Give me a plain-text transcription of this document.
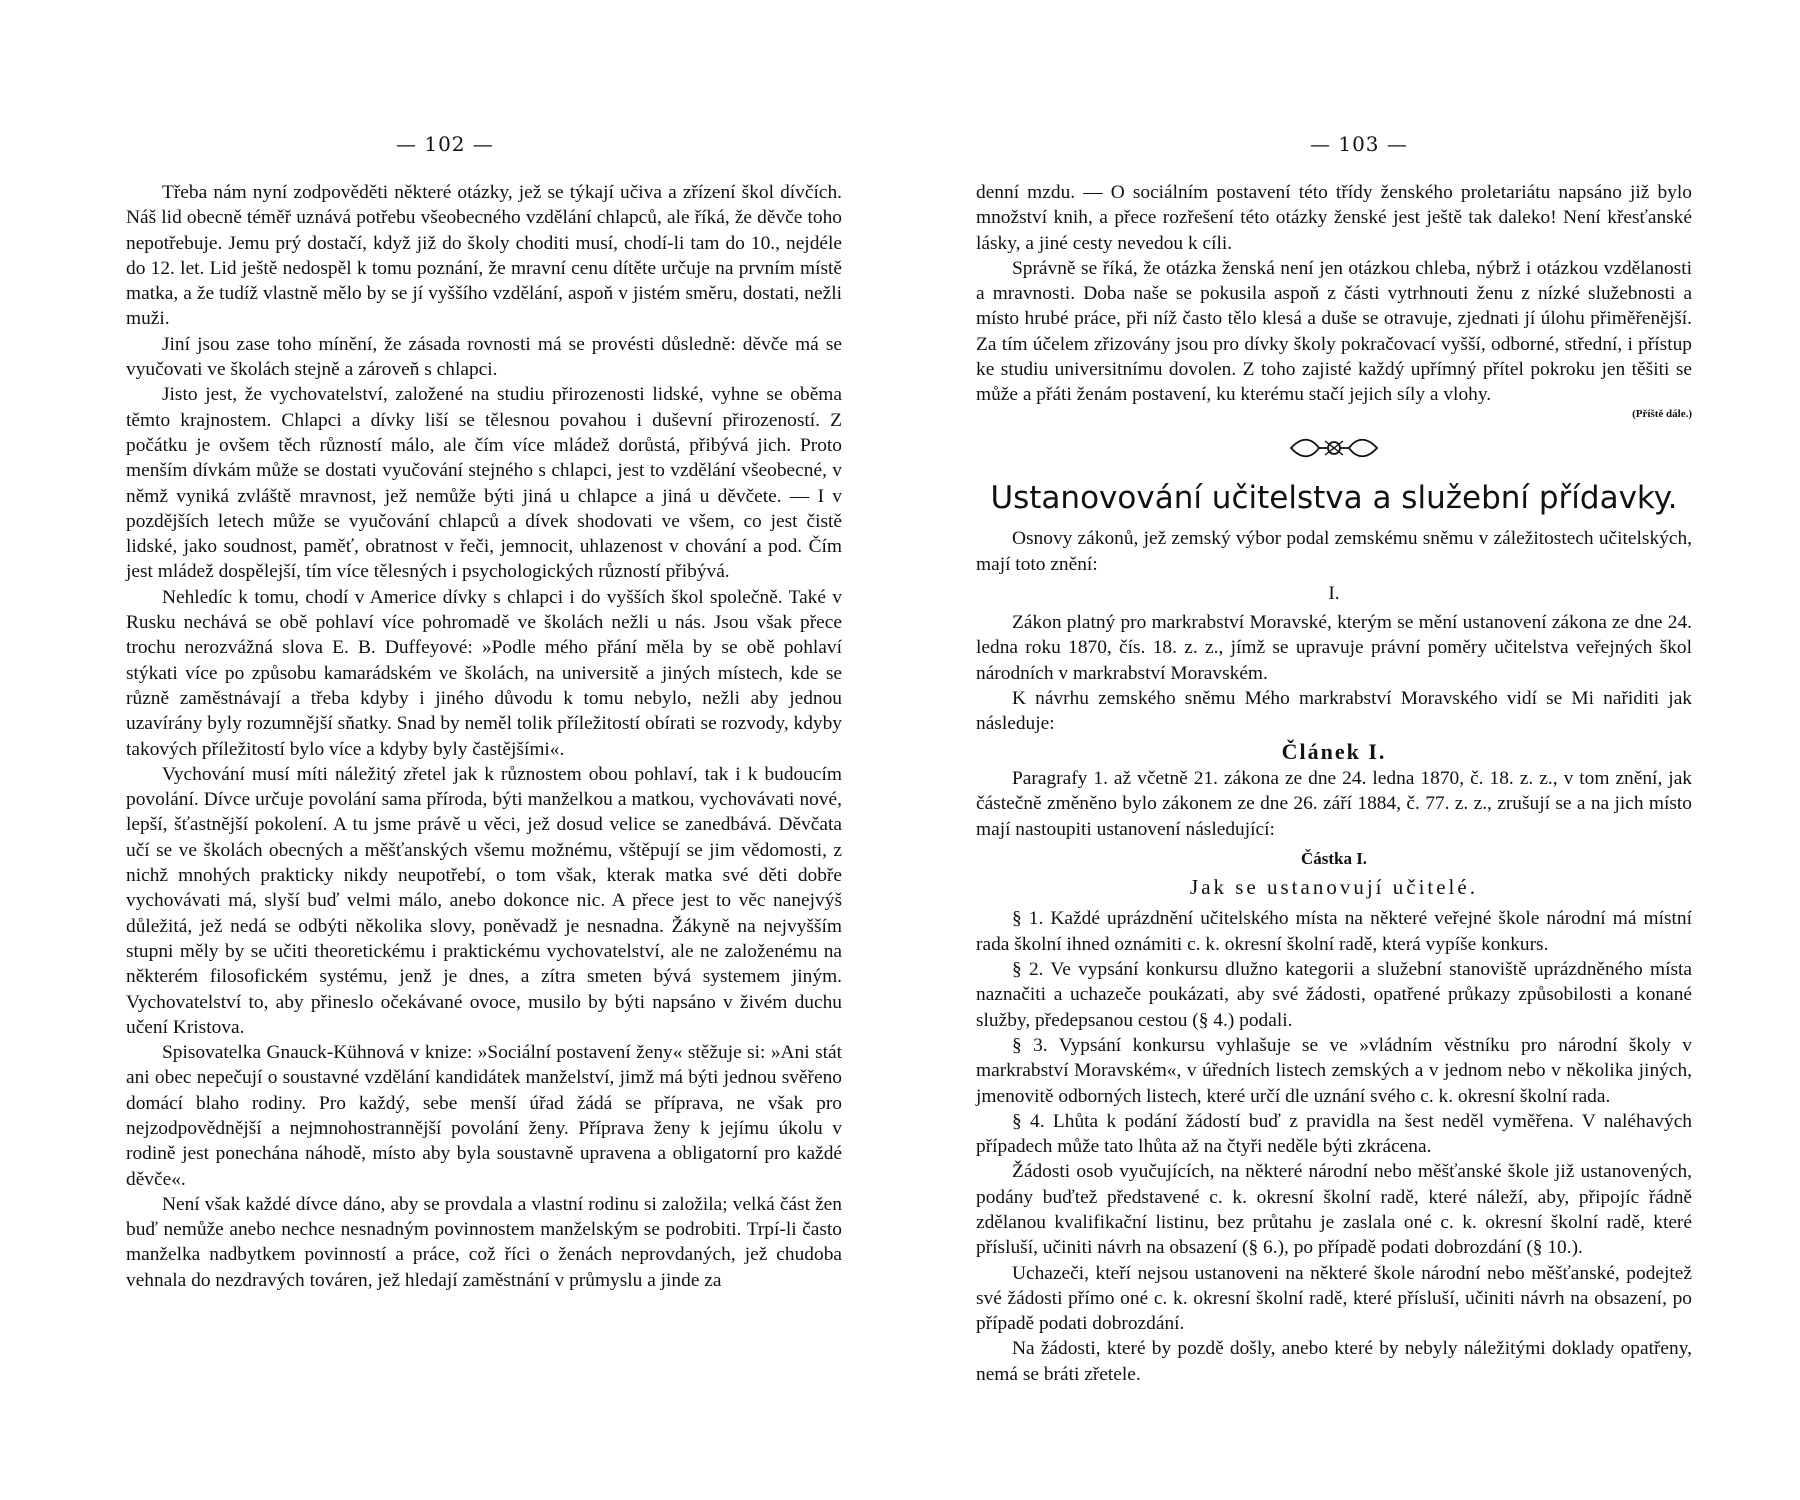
— 102 —

Třeba nám nyní zodpověděti některé otázky, jež se týkají učiva a zřízení škol dívčích. Náš lid obecně téměř uznává potřebu všeobecného vzdělání chlapců, ale říká, že děvče toho nepotřebuje. Jemu prý dostačí, když již do školy choditi musí, chodí-li tam do 10., nejdéle do 12. let. Lid ještě nedospěl k tomu poznání, že mravní cenu dítěte určuje na prvním místě matka, a že tudíž vlastně mělo by se jí vyššího vzdělání, aspoň v jistém směru, dostati, nežli muži.

Jiní jsou zase toho mínění, že zásada rovnosti má se provésti důsledně: děvče má se vyučovati ve školách stejně a zároveň s chlapci.

Jisto jest, že vychovatelství, založené na studiu přirozenosti lidské, vyhne se oběma těmto krajnostem. Chlapci a dívky liší se tělesnou povahou i duševní přirozeností. Z počátku je ovšem těch růzností málo, ale čím více mládež dorůstá, přibývá jich. Proto menším dívkám může se dostati vyučování stejného s chlapci, jest to vzdělání všeobecné, v němž vyniká zvláště mravnost, jež nemůže býti jiná u chlapce a jiná u děvčete. — I v pozdějších letech může se vyučování chlapců a dívek shodovati ve všem, co jest čistě lidské, jako soudnost, paměť, obratnost v řeči, jemnocit, uhlazenost v chování a pod. Čím jest mládež dospělejší, tím více tělesných i psychologických růzností přibývá.

Nehledíc k tomu, chodí v Americe dívky s chlapci i do vyšších škol společně. Také v Rusku nechává se obě pohlaví více pohromadě ve školách nežli u nás. Jsou však přece trochu nerozvážná slova E. B. Duffeyové: »Podle mého přání měla by se obě pohlaví stýkati více po způsobu kamarádském ve školách, na universitě a jiných místech, kde se různě zaměstnávají a třeba kdyby i jiného důvodu k tomu nebylo, nežli aby jednou uzavírány byly rozumnější sňatky. Snad by neměl tolik příležitostí obírati se rozvody, kdyby takových příležitostí bylo více a kdyby byly častějšími«.

Vychování musí míti náležitý zřetel jak k různostem obou pohlaví, tak i k budoucím povolání. Dívce určuje povolání sama příroda, býti manželkou a matkou, vychovávati nové, lepší, šťastnější pokolení. A tu jsme právě u věci, jež dosud velice se zanedbává. Děvčata učí se ve školách obecných a měšťanských všemu možnému, vštěpují se jim vědomosti, z nichž mnohých prakticky nikdy neupotřebí, o tom však, kterak matka své děti dobře vychovávati má, slyší buď velmi málo, anebo dokonce nic. A přece jest to věc nanejvýš důležitá, jež nedá se odbýti několika slovy, poněvadž je nesnadna. Žákyně na nejvyšším stupni měly by se učiti theoretickému i praktickému vychovatelství, ale ne založenému na některém filosofickém systému, jenž je dnes, a zítra smeten bývá systemem jiným. Vychovatelství to, aby přineslo očekávané ovoce, musilo by býti napsáno v živém duchu učení Kristova.

Spisovatelka Gnauck-Kühnová v knize: »Sociální postavení ženy« stěžuje si: »Ani stát ani obec nepečují o soustavné vzdělání kandidátek manželství, jimž má býti jednou svěřeno domácí blaho rodiny. Pro každý, sebe menší úřad žádá se příprava, ne však pro nejzodpovědnější a nejmnohostrannější povolání ženy. Příprava ženy k jejímu úkolu v rodině jest ponechána náhodě, místo aby byla soustavně upravena a obligatorní pro každé děvče«.

Není však každé dívce dáno, aby se provdala a vlastní rodinu si založila; velká část žen buď nemůže anebo nechce nesnadným povinnostem manželským se podrobiti. Trpí-li často manželka nadbytkem povinností a práce, což říci o ženách neprovdaných, jež chudoba vehnala do nezdravých továren, jež hledají zaměstnání v průmyslu a jinde za

— 103 —

denní mzdu. — O sociálním postavení této třídy ženského proletariátu napsáno již bylo množství knih, a přece rozřešení této otázky ženské jest ještě tak daleko! Není křesťanské lásky, a jiné cesty nevedou k cíli.

Správně se říká, že otázka ženská není jen otázkou chleba, nýbrž i otázkou vzdělanosti a mravnosti. Doba naše se pokusila aspoň z části vytrhnouti ženu z nízké služebnosti a místo hrubé práce, při níž často tělo klesá a duše se otravuje, zjednati jí úlohu přiměřenější. Za tím účelem zřizovány jsou pro dívky školy pokračovací vyšší, odborné, střední, i přístup ke studiu universitnímu dovolen. Z toho zajisté každý upřímný přítel pokroku jen těšiti se může a přáti ženám postavení, ku kterému stačí jejich síly a vlohy.

(Příště dále.)
Ustanovování učitelstva a služební přídavky.

Osnovy zákonů, jež zemský výbor podal zemskému sněmu v záležitostech učitelských, mají toto znění:

I.

Zákon platný pro markrabství Moravské, kterým se mění ustanovení zákona ze dne 24. ledna roku 1870, čís. 18. z. z., jímž se upravuje právní poměry učitelstva veřejných škol národních v markrabství Moravském.

K návrhu zemského sněmu Mého markrabství Moravského vidí se Mi nařiditi jak následuje:

Článek I.

Paragrafy 1. až včetně 21. zákona ze dne 24. ledna 1870, č. 18. z. z., v tom znění, jak částečně změněno bylo zákonem ze dne 26. září 1884, č. 77. z. z., zrušují se a na jich místo mají nastoupiti ustanovení následující:

Částka I.
Jak se ustanovují učitelé.

§ 1. Každé uprázdnění učitelského místa na některé veřejné škole národní má místní rada školní ihned oznámiti c. k. okresní školní radě, která vypíše konkurs.

§ 2. Ve vypsání konkursu dlužno kategorii a služební stanoviště uprázdněného místa naznačiti a uchazeče poukázati, aby své žádosti, opatřené průkazy způsobilosti a konané služby, předepsanou cestou (§ 4.) podali.

§ 3. Vypsání konkursu vyhlašuje se ve »vládním věstníku pro národní školy v markrabství Moravském«, v úředních listech zemských a v jednom nebo v několika jiných, jmenovitě odborných listech, které určí dle uznání svého c. k. okresní školní rada.

§ 4. Lhůta k podání žádostí buď z pravidla na šest neděl vyměřena. V naléhavých případech může tato lhůta až na čtyři neděle býti zkrácena.

Žádosti osob vyučujících, na některé národní nebo měšťanské škole již ustanovených, podány buďtež představené c. k. okresní školní radě, které náleží, aby, připojíc řádně zdělanou kvalifikační listinu, bez průtahu je zaslala oné c. k. okresní školní radě, které přísluší, učiniti návrh na obsazení (§ 6.), po případě podati dobrozdání (§ 10.).

Uchazeči, kteří nejsou ustanoveni na některé škole národní nebo měšťanské, podejtež své žádosti přímo oné c. k. okresní školní radě, které přísluší, učiniti návrh na obsazení, po případě podati dobrozdání.

Na žádosti, které by pozdě došly, anebo které by nebyly náležitými doklady opatřeny, nemá se bráti zřetele.
